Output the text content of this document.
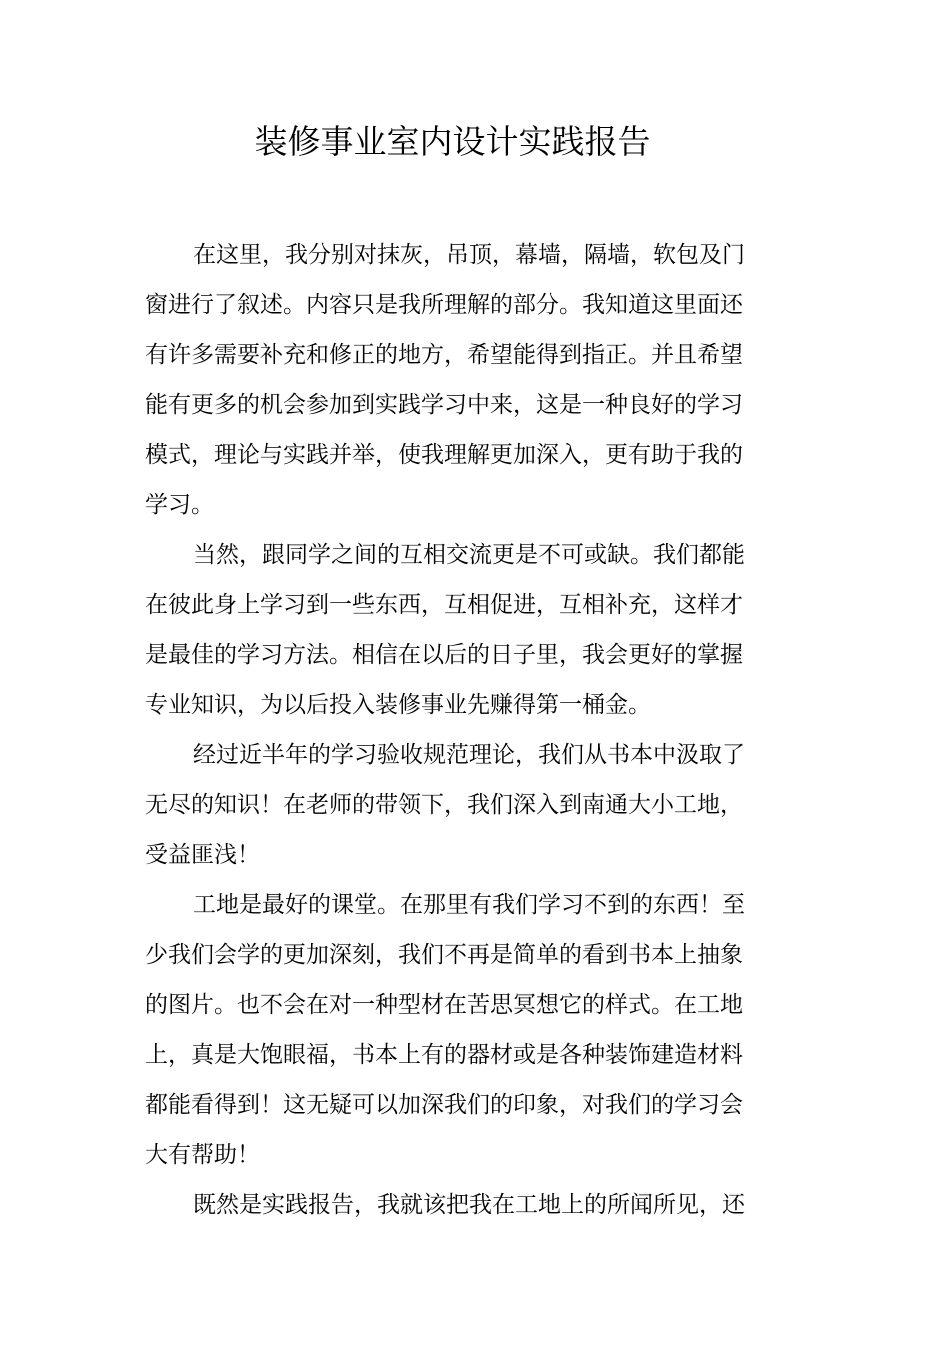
装修事业室内设计实践报告
在这里，我分别对抹灰，吊顶，幕墙，隔墙，软包及门
窗进行了叙述。内容只是我所理解的部分。我知道这里面还
有许多需要补充和修正的地方，希望能得到指正。并且希望
能有更多的机会参加到实践学习中来，这是一种良好的学习
模式，理论与实践并举，使我理解更加深入，更有助于我的
学习。
当然，跟同学之间的互相交流更是不可或缺。我们都能
在彼此身上学习到一些东西，互相促进，互相补充，这样才
是最佳的学习方法。相信在以后的日子里，我会更好的掌握
专业知识，为以后投入装修事业先赚得第一桶金。
经过近半年的学习验收规范理论，我们从书本中汲取了
无尽的知识！在老师的带领下，我们深入到南通大小工地，
受益匪浅！
工地是最好的课堂。在那里有我们学习不到的东西！至
少我们会学的更加深刻，我们不再是简单的看到书本上抽象
的图片。也不会在对一种型材在苦思冥想它的样式。在工地
上，真是大饱眼福，书本上有的器材或是各种装饰建造材料
都能看得到！这无疑可以加深我们的印象，对我们的学习会
大有帮助！
既然是实践报告，我就该把我在工地上的所闻所见，还
